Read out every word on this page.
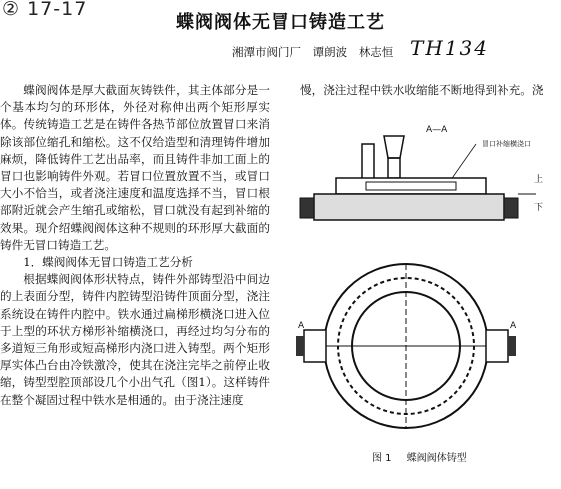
② 17-17
蝶阀阀体无冒口铸造工艺
湘潭市阀门厂 谭朗波 林志恒 TH134

蝶阀阀体是厚大截面灰铸铁件，其主体部分是一个基本均匀的环形体，外径对称伸出两个矩形厚实体。传统铸造工艺是在铸件各热节部位放置冒口来消除该部位缩孔和缩松。这不仅给造型和清理铸件增加麻烦，降低铸件工艺出品率，而且铸件非加工面上的冒口也影响铸件外观。若冒口位置放置不当，或冒口大小不恰当，或者浇注速度和温度选择不当，冒口根部附近就会产生缩孔或缩松，冒口就没有起到补缩的效果。现介绍蝶阀阀体这种不规则的环形厚大截面的铸件无冒口铸造工艺。

1．蝶阀阀体无冒口铸造工艺分析

根据蝶阀阀体形状特点，铸件外部铸型沿中间边的上表面分型，铸件内腔铸型沿铸件顶面分型，浇注系统设在铸件内腔中。铁水通过扁梯形横浇口进入位于上型的环状方梯形补缩横浇口，再经过均匀分布的多道短三角形或短高梯形内浇口进入铸型。两个矩形厚实体凸台由冷铁激冷，使其在浇注完毕之前停止收缩，铸型型腔顶部设几个小出气孔（图1）。这样铸件在整个凝固过程中铁水是相通的。由于浇注速度

慢，浇注过程中铁水收缩能不断地得到补充。浇
A—A
冒口补缩横浇口
上
下
A	A
图 1 蝶阀阀体铸型
